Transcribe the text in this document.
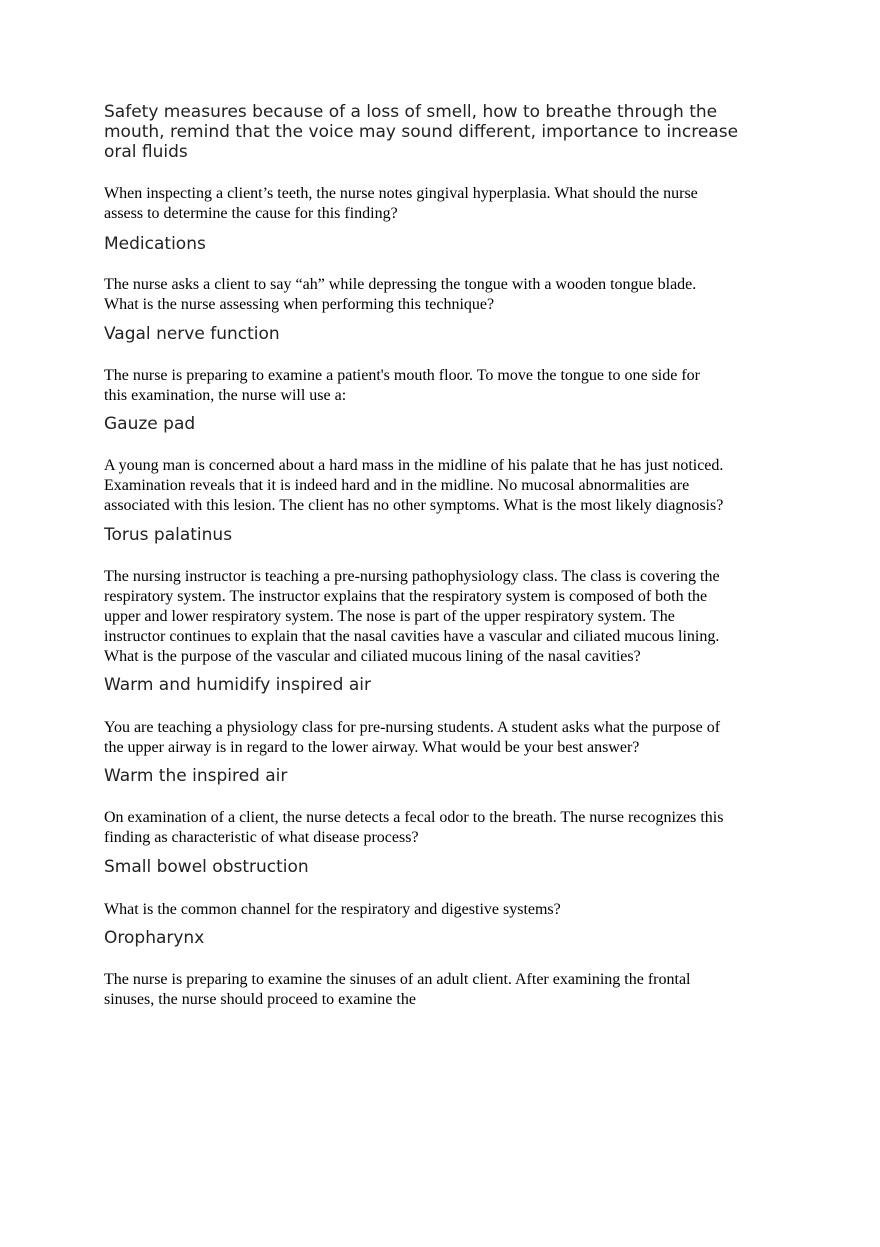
Safety measures because of a loss of smell, how to breathe through the
mouth, remind that the voice may sound different, importance to increase
oral fluids
When inspecting a client’s teeth, the nurse notes gingival hyperplasia. What should the nurse
assess to determine the cause for this finding?
Medications
The nurse asks a client to say “ah” while depressing the tongue with a wooden tongue blade.
What is the nurse assessing when performing this technique?
Vagal nerve function
The nurse is preparing to examine a patient's mouth floor. To move the tongue to one side for
this examination, the nurse will use a:
Gauze pad
A young man is concerned about a hard mass in the midline of his palate that he has just noticed.
Examination reveals that it is indeed hard and in the midline. No mucosal abnormalities are
associated with this lesion. The client has no other symptoms. What is the most likely diagnosis?
Torus palatinus
The nursing instructor is teaching a pre-nursing pathophysiology class. The class is covering the
respiratory system. The instructor explains that the respiratory system is composed of both the
upper and lower respiratory system. The nose is part of the upper respiratory system. The
instructor continues to explain that the nasal cavities have a vascular and ciliated mucous lining.
What is the purpose of the vascular and ciliated mucous lining of the nasal cavities?
Warm and humidify inspired air
You are teaching a physiology class for pre-nursing students. A student asks what the purpose of
the upper airway is in regard to the lower airway. What would be your best answer?
Warm the inspired air
On examination of a client, the nurse detects a fecal odor to the breath. The nurse recognizes this
finding as characteristic of what disease process?
Small bowel obstruction
What is the common channel for the respiratory and digestive systems?
Oropharynx
The nurse is preparing to examine the sinuses of an adult client. After examining the frontal
sinuses, the nurse should proceed to examine the
